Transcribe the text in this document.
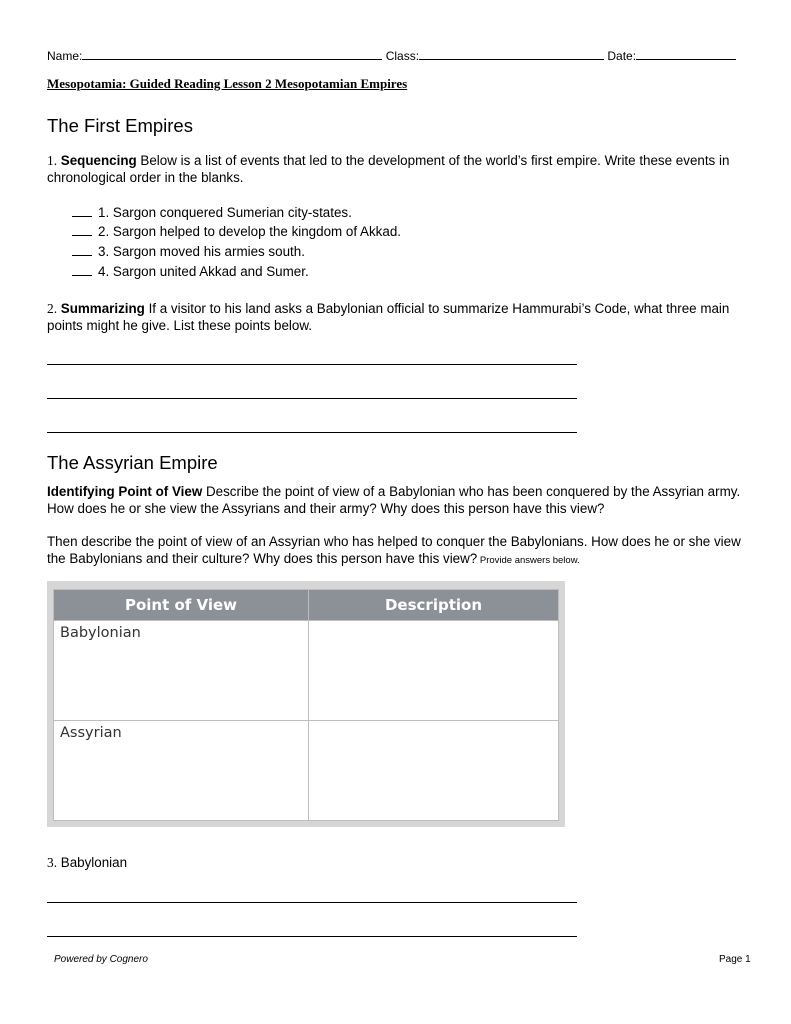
Name:	Class:	Date:
Mesopotamia: Guided Reading Lesson 2 Mesopotamian Empires
The First Empires
1. Sequencing Below is a list of events that led to the development of the world’s first empire. Write these events in chronological order in the blanks.
1. Sargon conquered Sumerian city-states.
2. Sargon helped to develop the kingdom of Akkad.
3. Sargon moved his armies south.
4. Sargon united Akkad and Sumer.
2. Summarizing If a visitor to his land asks a Babylonian official to summarize Hammurabi’s Code, what three main points might he give. List these points below.
The Assyrian Empire
Identifying Point of View Describe the point of view of a Babylonian who has been conquered by the Assyrian army. How does he or she view the Assyrians and their army? Why does this person have this view?
Then describe the point of view of an Assyrian who has helped to conquer the Babylonians. How does he or she view the Babylonians and their culture? Why does this person have this view? Provide answers below.
Point of View	Description
Babylonian	
Assyrian	
3. Babylonian
Powered by Cognero	Page 1
